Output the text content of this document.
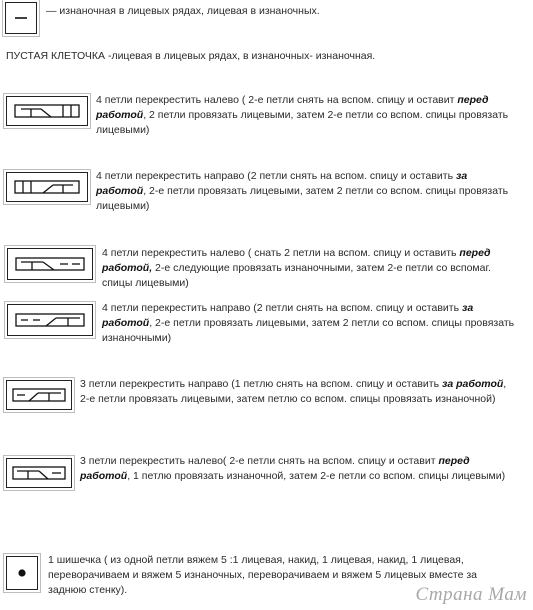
— изнаночная в лицевых рядах, лицевая в изнаночных.
ПУСТАЯ КЛЕТОЧКА -лицевая в лицевых рядах, в изнаночных- изнаночная.
4 петли перекрестить налево ( 2-е петли снять на вспом. спицу и оставит перед работой, 2 петли провязать лицевыми, затем 2-е петли со вспом. спицы провязать лицевыми)
4 петли перекрестить направо (2 петли снять на вспом. спицу и оставить за работой, 2-е петли провязать лицевыми, затем 2 петли со вспом. спицы провязать лицевыми)
4 петли перекрестить налево ( снать 2 петли на вспом. спицу и оставить перед работой, 2-е следующие провязать изнаночными, затем 2-е петли со вспомаг. спицы лицевыми)
4 петли перекрестить направо (2 петли снять на вспом. спицу и оставить за работой, 2-е петли провязать лицевыми, затем 2 петли со вспом. спицы провязать изнаночными)
3 петли перекрестить направо (1 петлю снять на вспом. спицу и оставить за работой, 2-е петли провязать лицевыми, затем петлю со вспом. спицы провязать изнаночной)
3 петли перекрестить налево( 2-е петли снять на вспом. спицу и оставит перед работой, 1 петлю провязать изнаночной, затем 2-е петли со вспом. спицы лицевыми)
1 шишечка ( из одной петли вяжем 5 :1 лицевая, накид, 1 лицевая, накид, 1 лицевая, переворачиваем и вяжем 5 изнаночных, переворачиваем и вяжем 5 лицевых вместе за заднюю стенку).	Страна Мам
